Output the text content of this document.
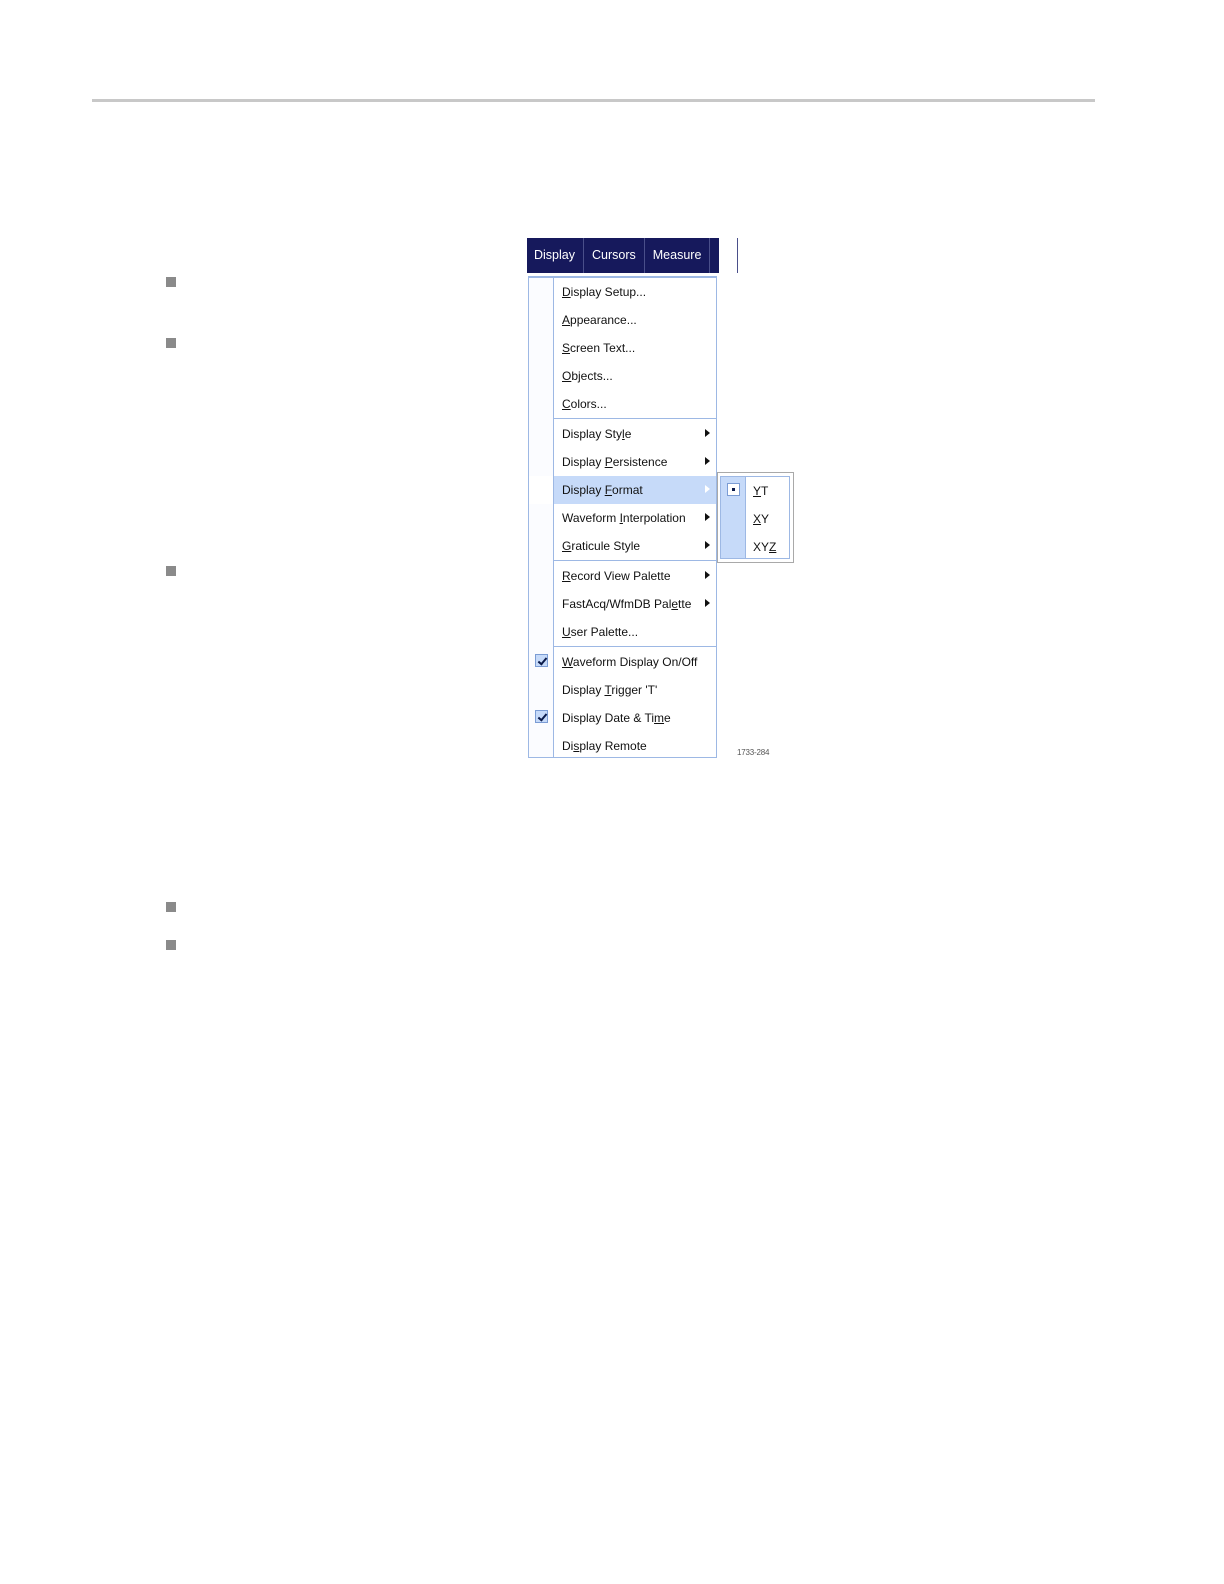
Display	Cursors	Measure	M
Display Setup...
Appearance...
Screen Text...
Objects...
Colors...
Display Style
Display Persistence
Display Format
Waveform Interpolation
Graticule Style
Record View Palette
FastAcq/WfmDB Palette
User Palette...
Waveform Display On/Off
Display Trigger 'T'
Display Date & Time
Display Remote
YT
XY
XYZ
1733-284
